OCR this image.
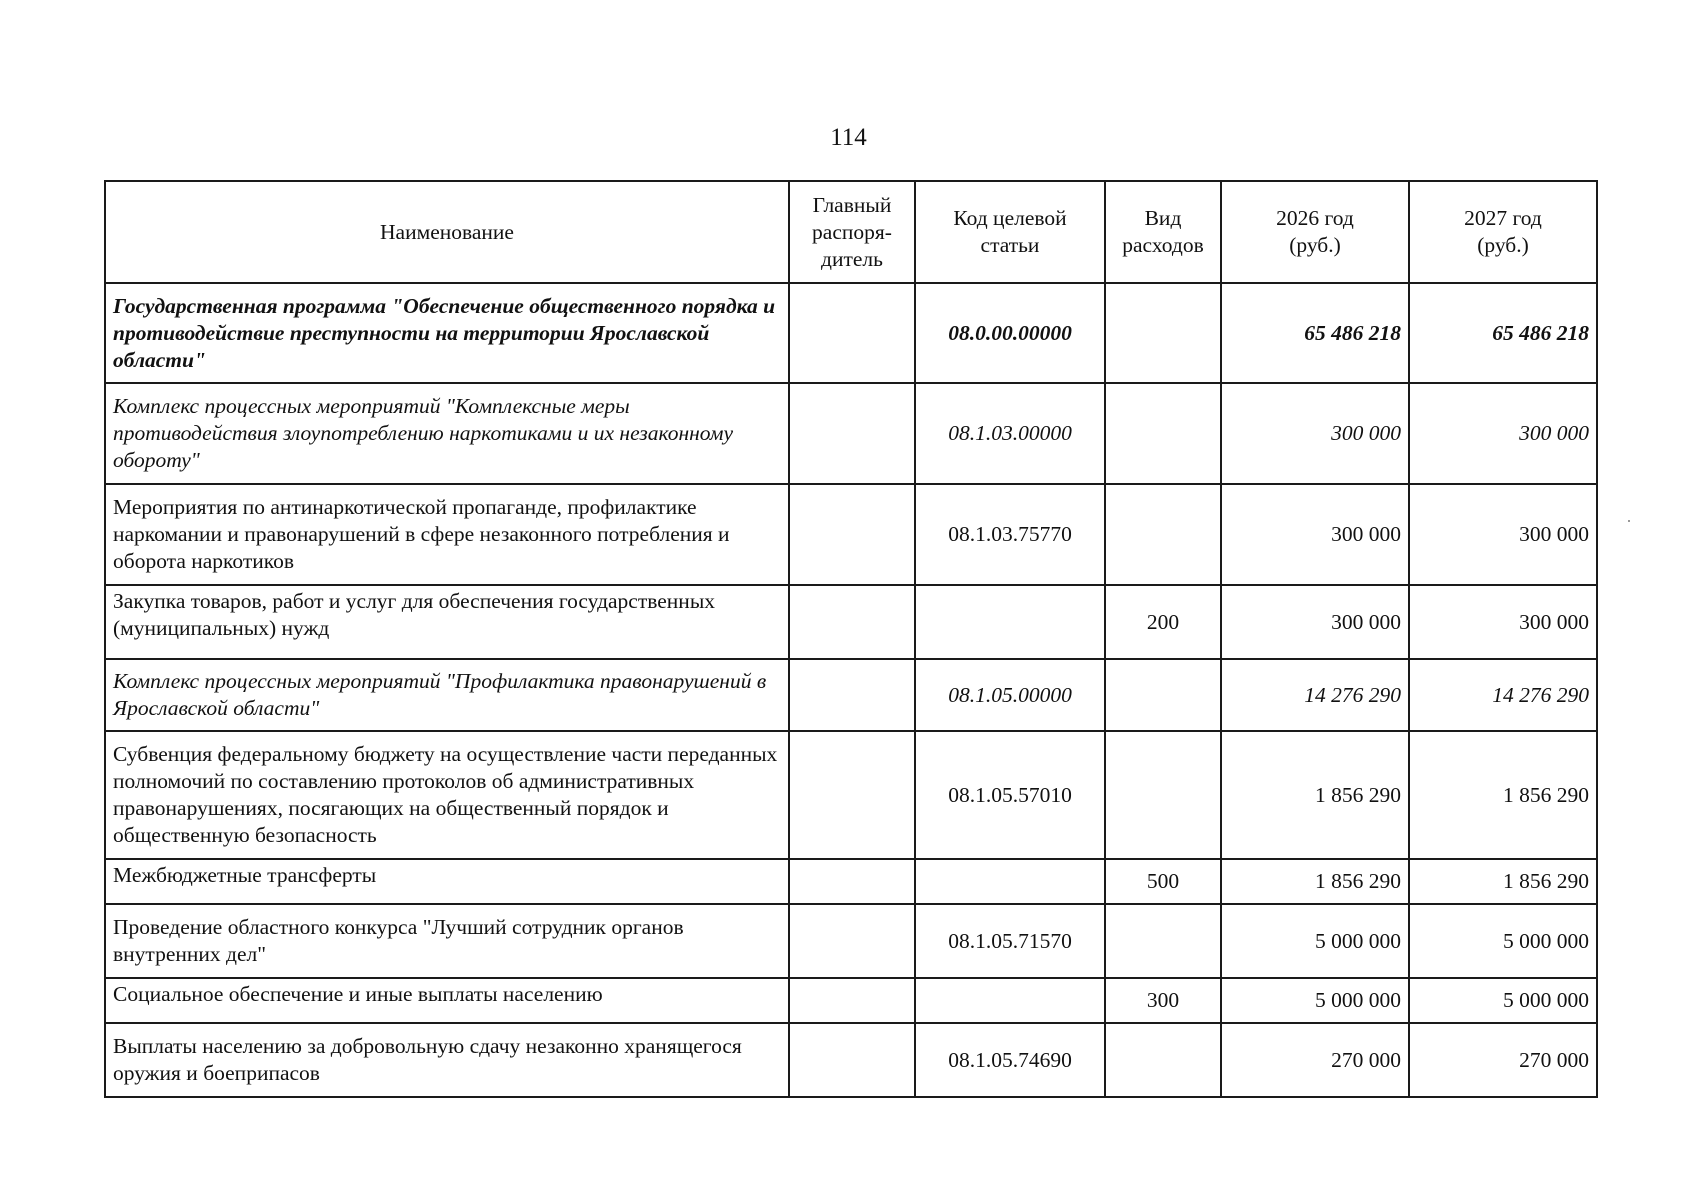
114
Наименование	Главный распоря-дитель	Код целевой статьи	Вид расходов	2026 год (руб.)	2027 год (руб.)
Государственная программа "Обеспечение общественного порядка и противодействие преступности на территории Ярославской области"		08.0.00.00000		65 486 218	65 486 218
Комплекс процессных мероприятий "Комплексные меры противодействия злоупотреблению наркотиками и их незаконному обороту"		08.1.03.00000		300 000	300 000
Мероприятия по антинаркотической пропаганде, профилактике наркомании и правонарушений в сфере незаконного потребления и оборота наркотиков		08.1.03.75770		300 000	300 000
Закупка товаров, работ и услуг для обеспечения государственных (муниципальных) нужд			200	300 000	300 000
Комплекс процессных мероприятий "Профилактика правонарушений в Ярославской области"		08.1.05.00000		14 276 290	14 276 290
Субвенция федеральному бюджету на осуществление части переданных полномочий по составлению протоколов об административных правонарушениях, посягающих на общественный порядок и общественную безопасность		08.1.05.57010		1 856 290	1 856 290
Межбюджетные трансферты			500	1 856 290	1 856 290
Проведение областного конкурса "Лучший сотрудник органов внутренних дел"		08.1.05.71570		5 000 000	5 000 000
Социальное обеспечение и иные выплаты населению			300	5 000 000	5 000 000
Выплаты населению за добровольную сдачу незаконно хранящегося оружия и боеприпасов		08.1.05.74690		270 000	270 000
